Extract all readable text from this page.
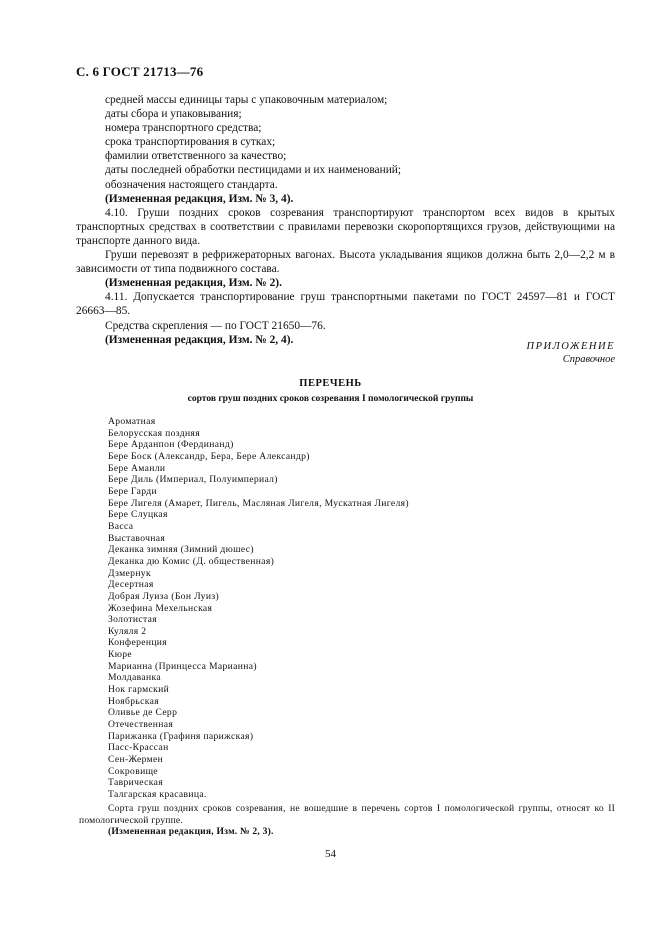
С. 6 ГОСТ 21713—76
средней массы единицы тары с упаковочным материалом;
даты сбора и упаковывания;
номера транспортного средства;
срока транспортирования в сутках;
фамилии ответственного за качество;
даты последней обработки пестицидами и их наименований;
обозначения настоящего стандарта.
(Измененная редакция, Изм. № 3, 4).
4.10. Груши поздних сроков созревания транспортируют транспортом всех видов в крытых транспортных средствах в соответствии с правилами перевозки скоропортящихся грузов, действующими на транспорте данного вида.
Груши перевозят в рефрижераторных вагонах. Высота укладывания ящиков должна быть 2,0—2,2 м в зависимости от типа подвижного состава.
(Измененная редакция, Изм. № 2).
4.11. Допускается транспортирование груш транспортными пакетами по ГОСТ 24597—81 и ГОСТ 26663—85.
Средства скрепления — по ГОСТ 21650—76.
(Измененная редакция, Изм. № 2, 4).
ПРИЛОЖЕНИЕ
Справочное
ПЕРЕЧЕНЬ
сортов груш поздних сроков созревания I помологической группы
Ароматная
Белорусская поздняя
Бере Арданпон (Фердинанд)
Бере Боск (Александр, Бера, Бере Александр)
Бере Аманли
Бере Диль (Империал, Полуимпериал)
Бере Гарди
Бере Лигеля (Амарет, Пигель, Масляная Лигеля, Мускатная Лигеля)
Бере Слуцкая
Васса
Выставочная
Деканка зимняя (Зимний дюшес)
Деканка дю Комис (Д. общественная)
Дзмернук
Десертная
Добрая Луиза (Бон Луиз)
Жозефина Мехельнская
Золотистая
Куляля 2
Конференция
Кюре
Марианна (Принцесса Марианна)
Молдаванка
Нок гармский
Ноябрьская
Оливье де Серр
Отечественная
Парижанка (Графиня парижская)
Пасс-Крассан
Сен-Жермен
Сокровище
Таврическая
Талгарская красавица.
Сорта груш поздних сроков созревания, не вошедшие в перечень сортов I помологической группы, относят ко II помологической группе.
(Измененная редакция, Изм. № 2, 3).
54
